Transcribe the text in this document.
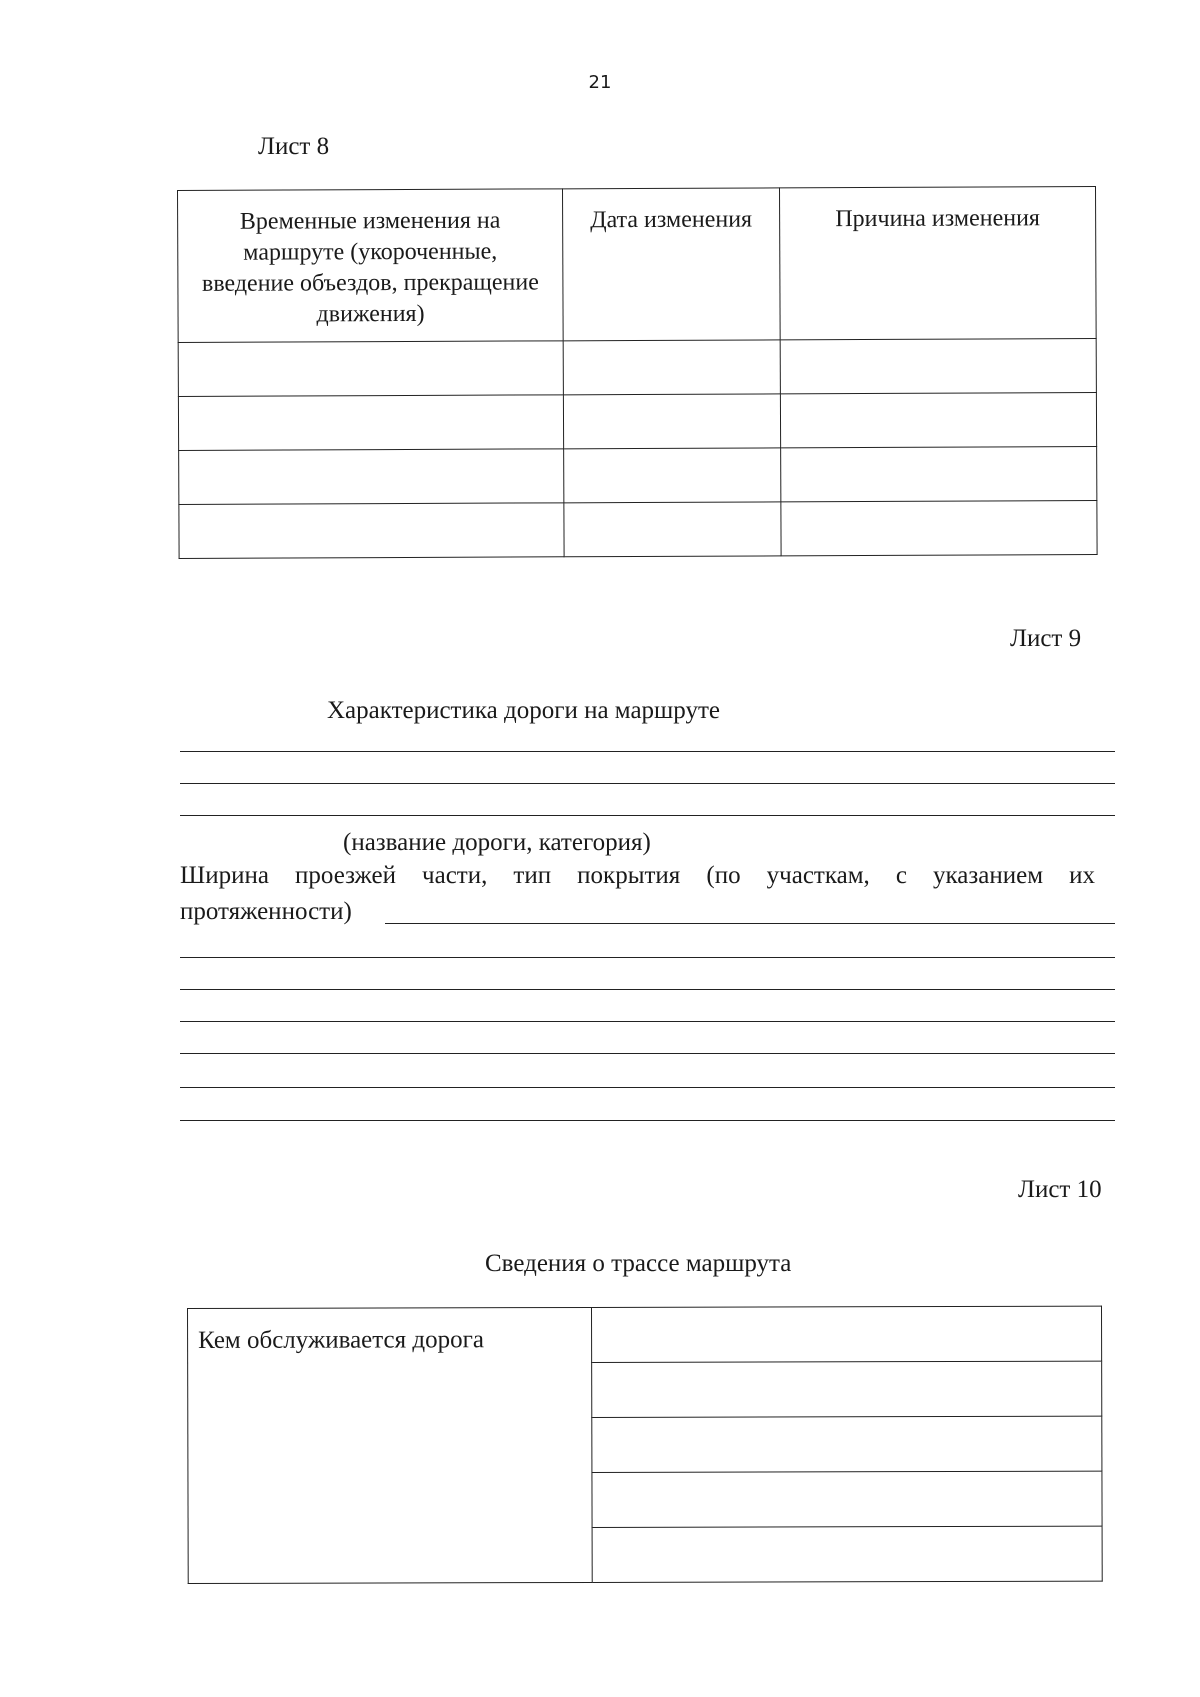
21
Лист 8
Временные изменения на маршруте (укороченные, введение объездов, прекращение движения)	Дата изменения	Причина изменения

Лист 9
Характеристика дороги на маршруте
(название дороги, категория)
Ширина проезжей части, тип покрытия (по участкам, с указанием их
протяженности)
Лист 10
Сведения о трассе маршрута
Кем обслуживается дорога	
